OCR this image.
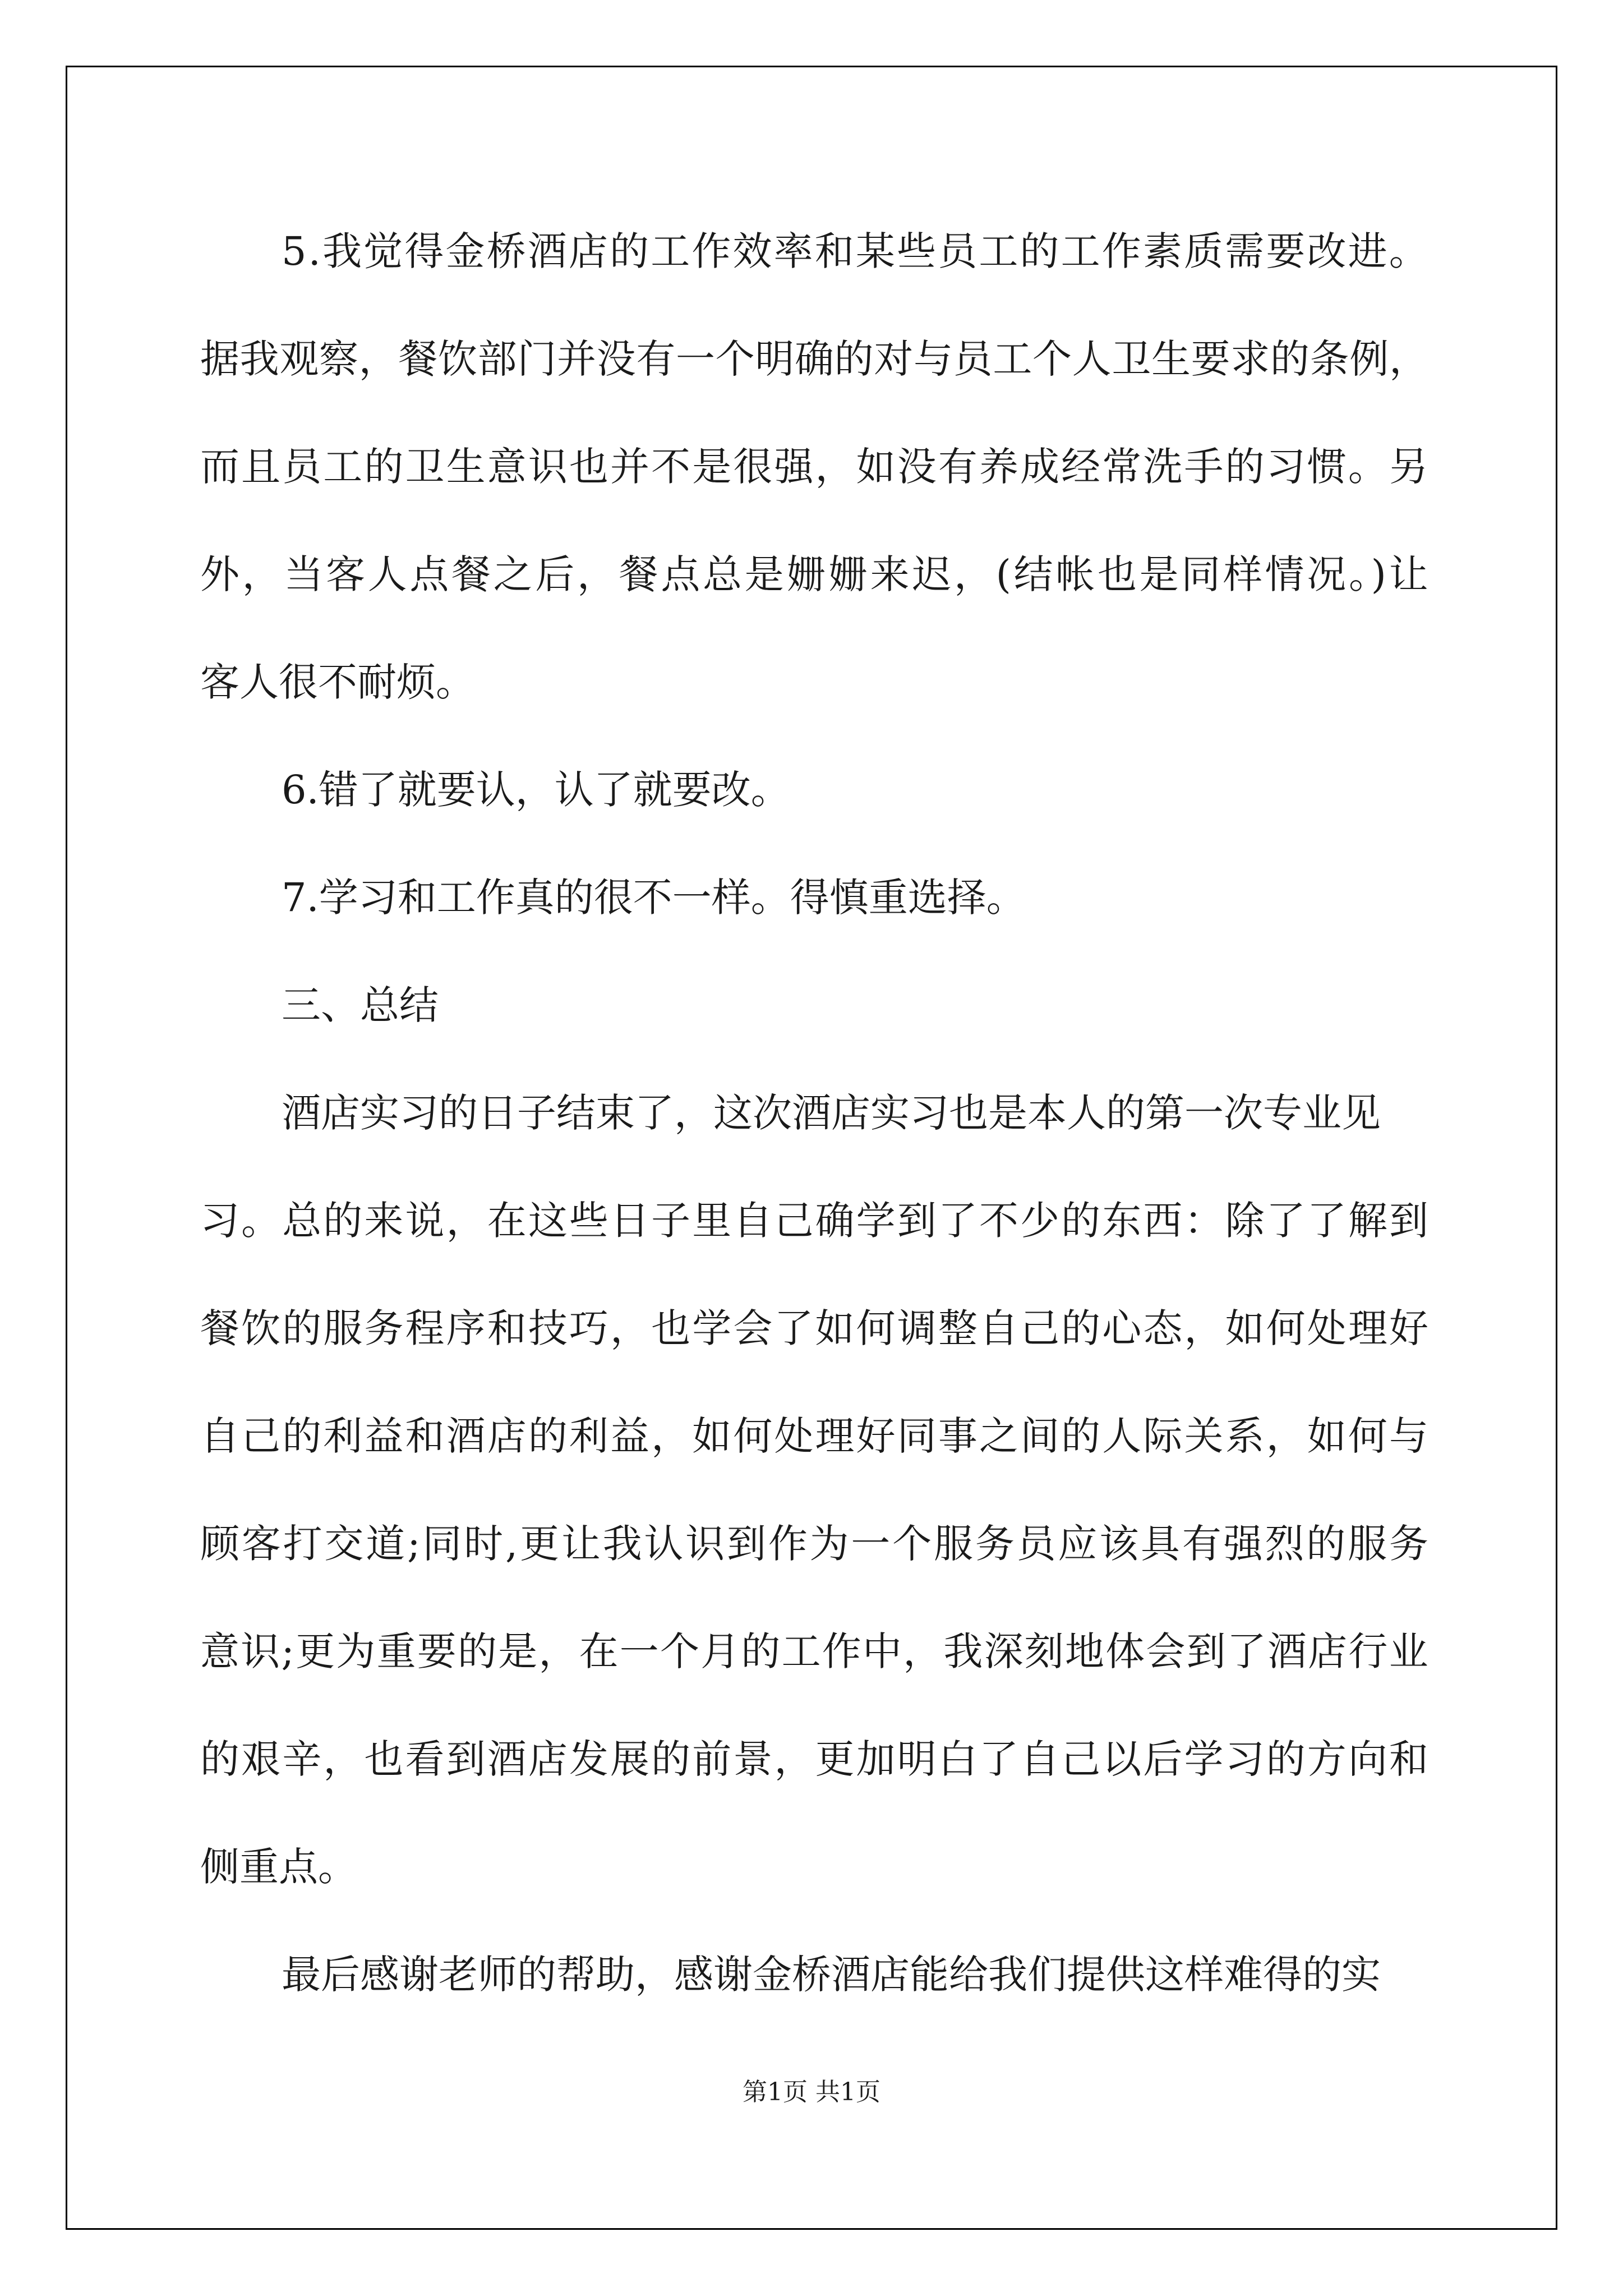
5.我觉得金桥酒店的工作效率和某些员工的工作素质需要改进。
据我观察，餐饮部门并没有一个明确的对与员工个人卫生要求的条例，
而且员工的卫生意识也并不是很强，如没有养成经常洗手的习惯。另
外，当客人点餐之后，餐点总是姗姗来迟，(结帐也是同样情况。)让
客人很不耐烦。
6.错了就要认，认了就要改。
7.学习和工作真的很不一样。得慎重选择。
三、总结
酒店实习的日子结束了，这次酒店实习也是本人的第一次专业见
习。总的来说，在这些日子里自己确学到了不少的东西：除了了解到
餐饮的服务程序和技巧，也学会了如何调整自己的心态，如何处理好
自己的利益和酒店的利益，如何处理好同事之间的人际关系，如何与
顾客打交道;同时,更让我认识到作为一个服务员应该具有强烈的服务
意识;更为重要的是，在一个月的工作中，我深刻地体会到了酒店行业
的艰辛，也看到酒店发展的前景，更加明白了自己以后学习的方向和
侧重点。
最后感谢老师的帮助，感谢金桥酒店能给我们提供这样难得的实
第1页 共1页
